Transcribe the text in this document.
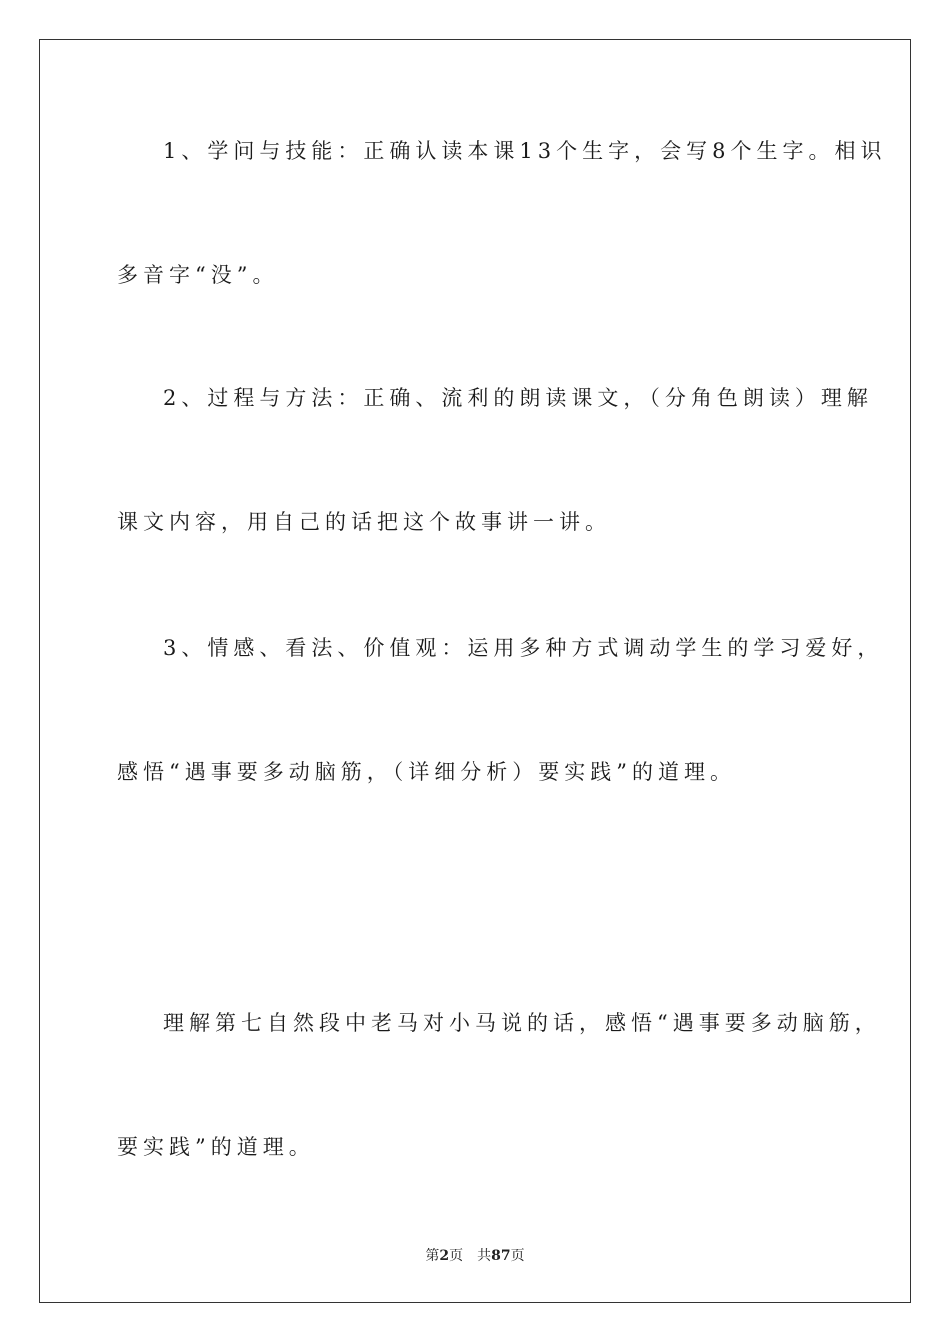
1、学问与技能：正确认读本课13个生字，会写8个生字。相识
多音字“没”。
2、过程与方法：正确、流利的朗读课文，（分角色朗读）理解
课文内容，用自己的话把这个故事讲一讲。
3、情感、看法、价值观：运用多种方式调动学生的学习爱好，
感悟“遇事要多动脑筋，（详细分析）要实践”的道理。
理解第七自然段中老马对小马说的话，感悟“遇事要多动脑筋，
要实践”的道理。
第2页 共87页
